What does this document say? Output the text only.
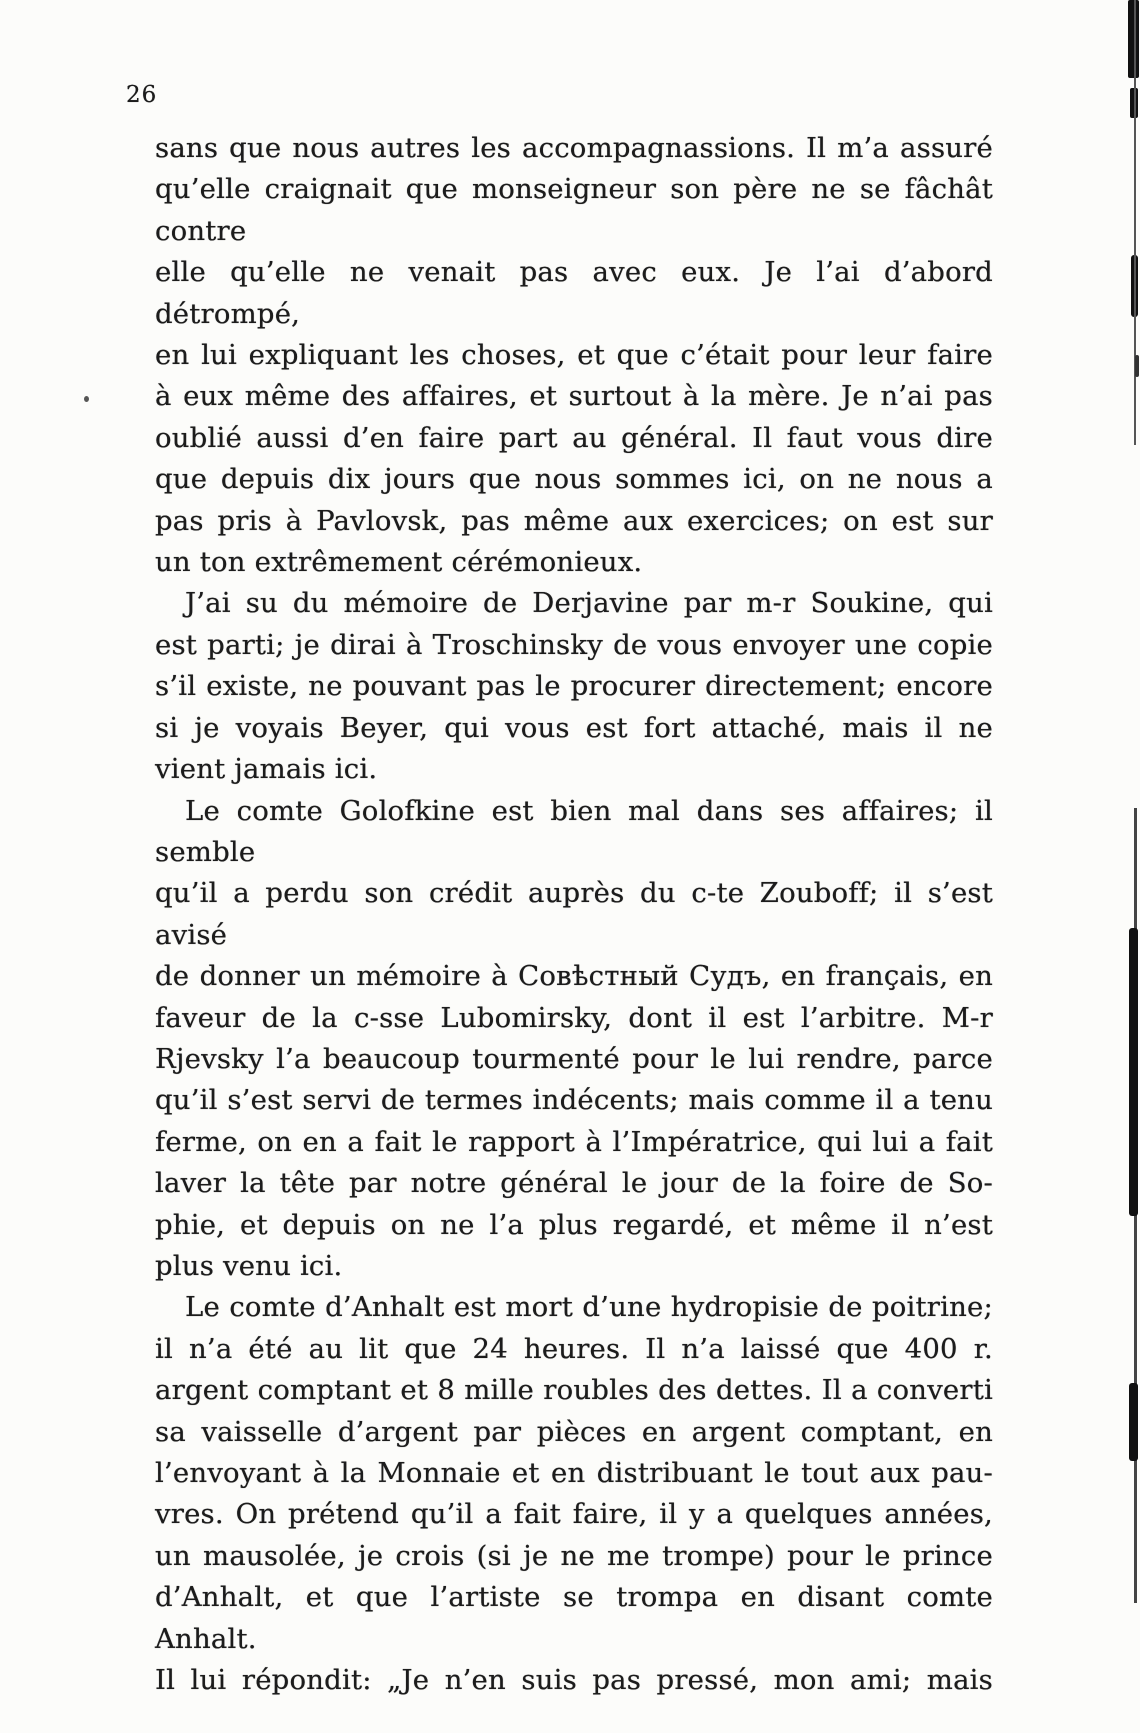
26
sans que nous autres les accompagnassions. Il m’a assuré
qu’elle craignait que monseigneur son père ne se fâchât contre
elle qu’elle ne venait pas avec eux. Je l’ai d’abord détrompé,
en lui expliquant les choses, et que c’était pour leur faire
à eux même des affaires, et surtout à la mère. Je n’ai pas
oublié aussi d’en faire part au général. Il faut vous dire
que depuis dix jours que nous sommes ici, on ne nous a
pas pris à Pavlovsk, pas même aux exercices; on est sur
un ton extrêmement cérémonieux.
J’ai su du mémoire de Derjavine par m-r Soukine, qui
est parti; je dirai à Troschinsky de vous envoyer une copie
s’il existe, ne pouvant pas le procurer directement; encore
si je voyais Beyer, qui vous est fort attaché, mais il ne
vient jamais ici.
Le comte Golofkine est bien mal dans ses affaires; il semble
qu’il a perdu son crédit auprès du c-te Zouboff; il s’est avisé
de donner un mémoire à Совѣстный Судъ, en français, en
faveur de la c-sse Lubomirsky, dont il est l’arbitre. M-r
Rjevsky l’a beaucoup tourmenté pour le lui rendre, parce
qu’il s’est servi de termes indécents; mais comme il a tenu
ferme, on en a fait le rapport à l’Impératrice, qui lui a fait
laver la tête par notre général le jour de la foire de So-
phie, et depuis on ne l’a plus regardé, et même il n’est
plus venu ici.
Le comte d’Anhalt est mort d’une hydropisie de poitrine;
il n’a été au lit que 24 heures. Il n’a laissé que 400 r.
argent comptant et 8 mille roubles des dettes. Il a converti
sa vaisselle d’argent par pièces en argent comptant, en
l’envoyant à la Monnaie et en distribuant le tout aux pau-
vres. On prétend qu’il a fait faire, il y a quelques années,
un mausolée, je crois (si je ne me trompe) pour le prince
d’Anhalt, et que l’artiste se trompa en disant comte Anhalt.
Il lui répondit: „Je n’en suis pas pressé, mon ami; mais
